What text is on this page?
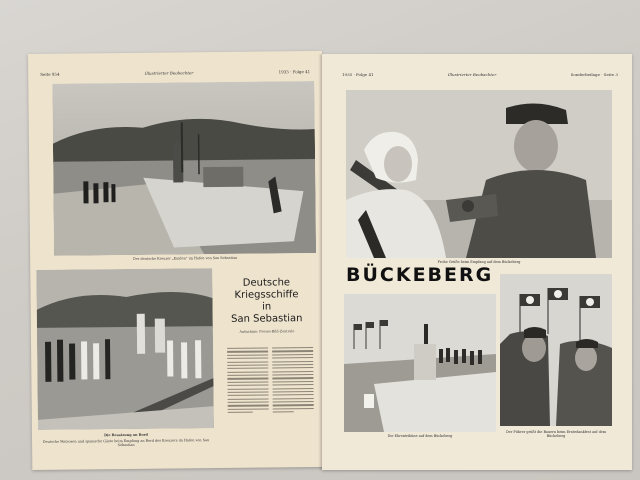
Seite 954	Illustrierter Beobachter	1935 · Folge 41
Der deutsche Kreuzer „Emden“ im Hafen von San Sebastian
Die Besatzung an Bord
Deutsche Matrosen und spanische Gäste beim Empfang an Bord des Kreuzers im Hafen von San Sebastian
Deutsche
Kriegsschiffe
in
San Sebastian
Aufnahme: Presse-Bild-Zentrale
1935 · Folge 41	Illustrierter Beobachter	Sonderbeilage · Seite 3
Frohe Grüße beim Empfang auf dem Bückeberg
BÜCKEBERG
Die Ehrentribüne auf dem Bückeberg
Der Führer grüßt die Bauern beim Erntedankfest auf dem Bückeberg
